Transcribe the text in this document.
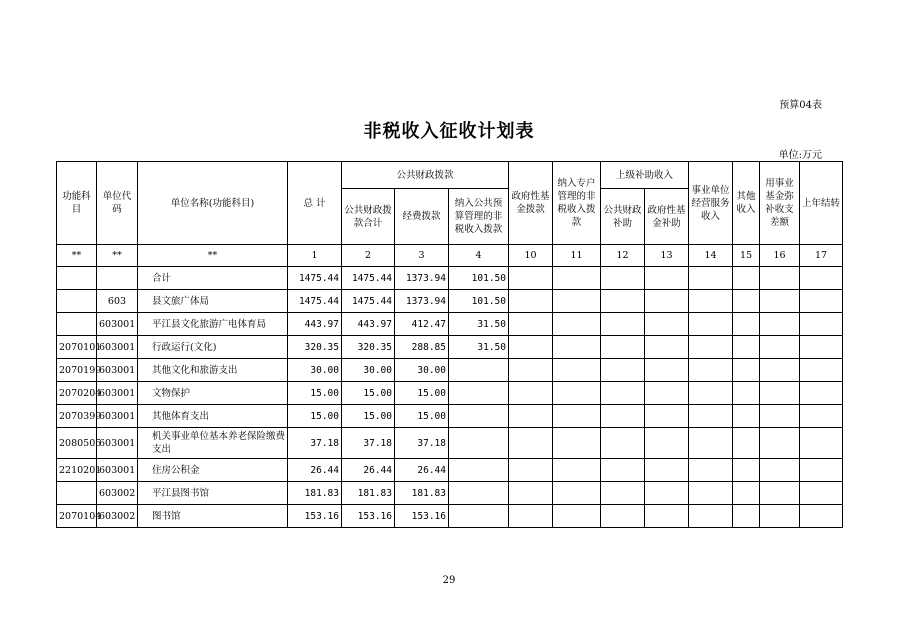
预算04表
非税收入征收计划表
单位:万元
功能科目	单位代码	单位名称(功能科目)	总 计	公共财政拨款			政府性基金拨款	纳入专户管理的非税收入拨款	上级补助收入		事业单位经营服务收入	其他收入	用事业基金弥补收支差额	上年结转
				公共财政拨款合计	经费拨款	纳入公共预算管理的非税收入拨款			公共财政补助	政府性基金补助				
**	**	**	1	2	3	4	10	11	12	13	14	15	16	17
		合计	1475.44	1475.44	1373.94	101.50								
	603	县文旅广体局	1475.44	1475.44	1373.94	101.50								
	603001	平江县文化旅游广电体育局	443.97	443.97	412.47	31.50								
2070101	603001	行政运行(文化)	320.35	320.35	288.85	31.50								
2070199	603001	其他文化和旅游支出	30.00	30.00	30.00									
2070204	603001	文物保护	15.00	15.00	15.00									
2070399	603001	其他体育支出	15.00	15.00	15.00									
2080505	603001	机关事业单位基本养老保险缴费支出	37.18	37.18	37.18									
2210201	603001	住房公积金	26.44	26.44	26.44									
	603002	平江县图书馆	181.83	181.83	181.83									
2070104	603002	图书馆	153.16	153.16	153.16									
29
